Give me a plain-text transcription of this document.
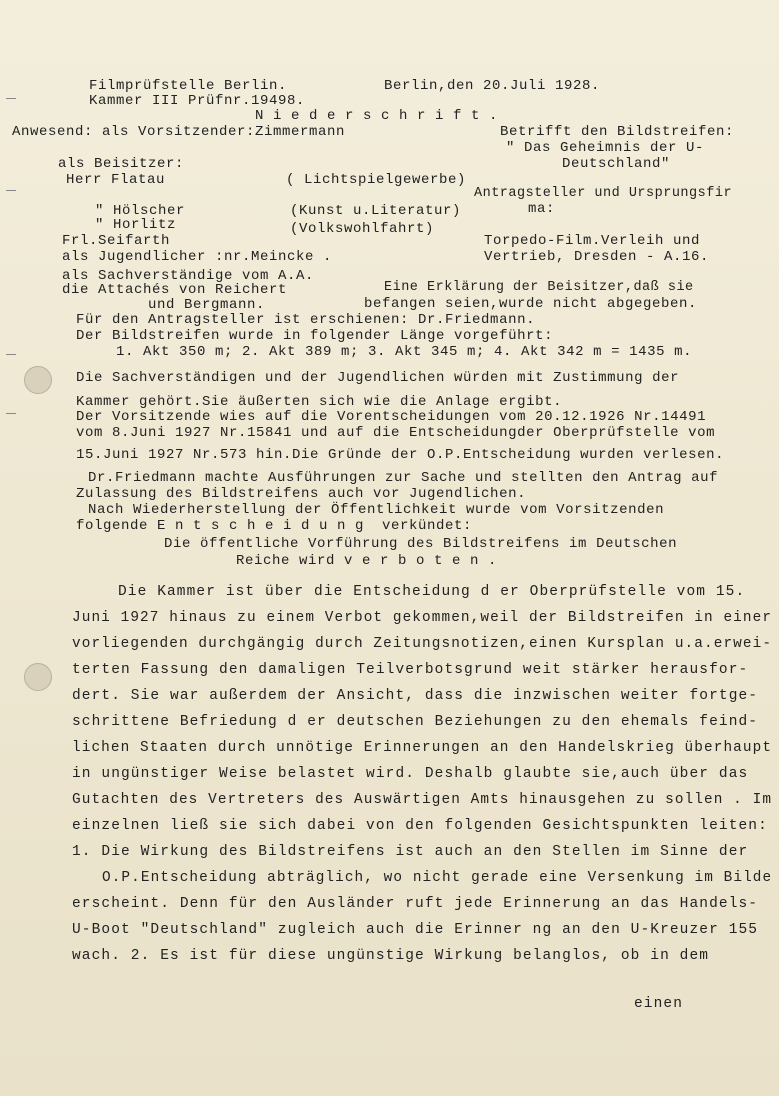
Filmprüfstelle Berlin.
Kammer III Prüfnr.19498.
Berlin,den 20.Juli 1928.
N i e d e r s c h r i f t .
Anwesend: als Vorsitzender:Zimmermann
als Beisitzer:
Herr Flatau
" Hölscher
" Horlitz
Frl.Seifarth
als Jugendlicher :nr.Meincke .
als Sachverständige vom A.A.
die Attachés von Reichert
und Bergmann.
( Lichtspielgewerbe)
(Kunst u.Literatur)
(Volkswohlfahrt)
Betrifft den Bildstreifen:
" Das Geheimnis der U-
Deutschland"
Antragsteller und Ursprungsfir
ma:
Torpedo-Film.Verleih und
Vertrieb, Dresden - A.16.
Eine Erklärung der Beisitzer,daß sie
befangen seien,wurde nicht abgegeben.
Für den Antragsteller ist erschienen: Dr.Friedmann.
Der Bildstreifen wurde in folgender Länge vorgeführt:
1. Akt 350 m; 2. Akt 389 m; 3. Akt 345 m; 4. Akt 342 m = 1435 m.
Die Sachverständigen und der Jugendlichen würden mit Zustimmung der
Kammer gehört.Sie äußerten sich wie die Anlage ergibt.
Der Vorsitzende wies auf die Vorentscheidungen vom 20.12.1926 Nr.14491
vom 8.Juni 1927 Nr.15841 und auf die Entscheidungder Oberprüfstelle vom
15.Juni 1927 Nr.573 hin.Die Gründe der O.P.Entscheidung wurden verlesen.
Dr.Friedmann machte Ausführungen zur Sache und stellten den Antrag auf
Zulassung des Bildstreifens auch vor Jugendlichen.
Nach Wiederherstellung der Öffentlichkeit wurde vom Vorsitzenden
folgende E n t s c h e i d u n g  verkündet:
Die öffentliche Vorführung des Bildstreifens im Deutschen
Reiche wird v e r b o t e n .
Die Kammer ist über die Entscheidung d er Oberprüfstelle vom 15.
Juni 1927 hinaus zu einem Verbot gekommen,weil der Bildstreifen in einer
vorliegenden durchgängig durch Zeitungsnotizen,einen Kursplan u.a.erwei-
terten Fassung den damaligen Teilverbotsgrund weit stärker herausfor-
dert. Sie war außerdem der Ansicht, dass die inzwischen weiter fortge-
schrittene Befriedung d er deutschen Beziehungen zu den ehemals feind-
lichen Staaten durch unnötige Erinnerungen an den Handelskrieg überhaupt
in ungünstiger Weise belastet wird. Deshalb glaubte sie,auch über das
Gutachten des Vertreters des Auswärtigen Amts hinausgehen zu sollen . Im
einzelnen ließ sie sich dabei von den folgenden Gesichtspunkten leiten:
1. Die Wirkung des Bildstreifens ist auch an den Stellen im Sinne der
O.P.Entscheidung abträglich, wo nicht gerade eine Versenkung im Bilde
erscheint. Denn für den Ausländer ruft jede Erinnerung an das Handels-
U-Boot "Deutschland" zugleich auch die Erinner ng an den U-Kreuzer 155
wach. 2. Es ist für diese ungünstige Wirkung belanglos, ob in dem
einen
